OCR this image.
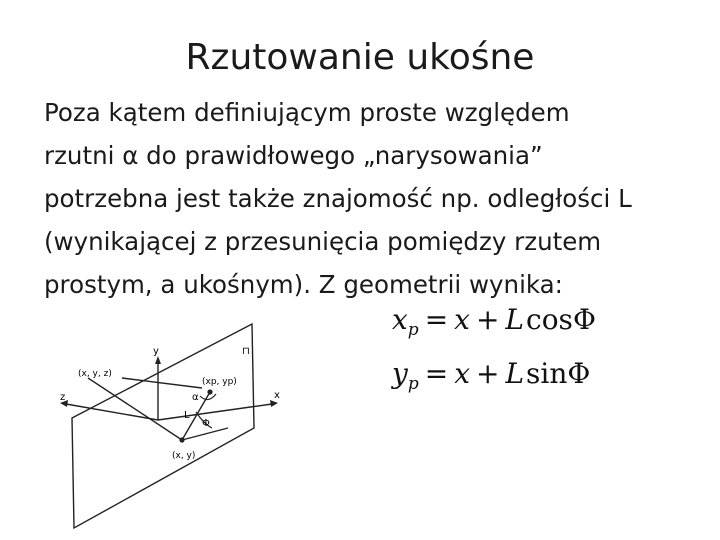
Rzutowanie ukośne
Poza kątem definiującym proste względem
rzutni α do prawidłowego „narysowania”
potrzebna jest także znajomość np. odległości L
(wynikającej z przesunięcia pomiędzy rzutem
prostym, a ukośnym). Z geometrii wynika:
y	⊓
(x, y, z)
(xp, yp)
z	x
α
L
Φ
(x, y)
$x_p = x + Lcos\Phi$
$y_p = x + Lsin\Phi$
